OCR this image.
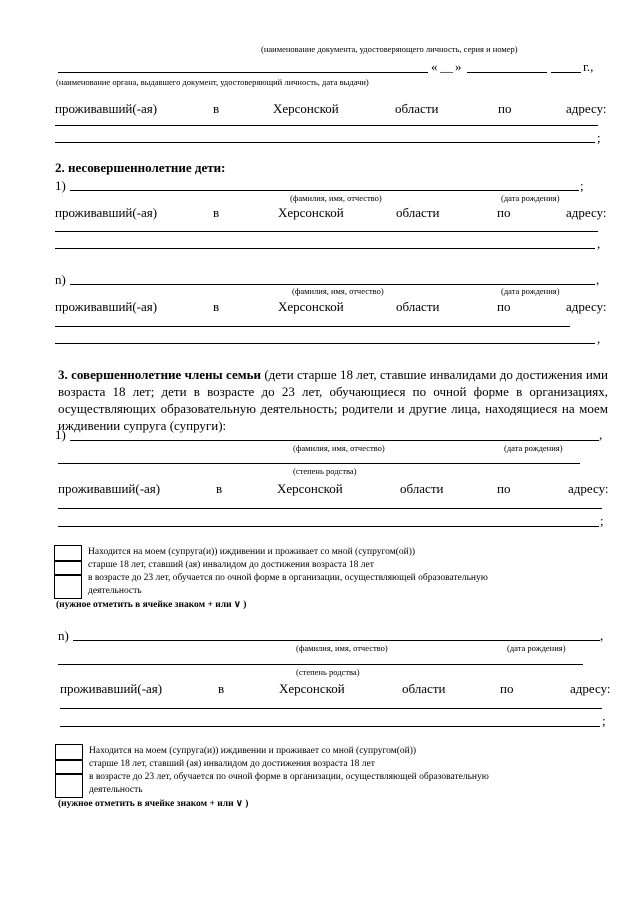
(наименование документа, удостоверяющего личность, серия и номер)
« __ »	г.,
(наименование органа, выдавшего документ, удостоверяющий личность, дата выдачи)
проживавший(-ая)	в	Херсонской	области	по	адресу:
;
2. несовершеннолетние дети:
1)	;
(фамилия, имя, отчество)	(дата рождения)
проживавший(-ая)	в	Херсонской	области	по	адресу:
,
n)	,
(фамилия, имя, отчество)	(дата рождения)
проживавший(-ая)	в	Херсонской	области	по	адресу:
,
3. совершеннолетние члены семьи (дети старше 18 лет, ставшие инвалидами до достижения ими возраста 18 лет; дети в возрасте до 23 лет, обучающиеся по очной форме в организациях, осуществляющих образовательную деятельность; родители и другие лица, находящиеся на моем иждивении супруга (супруги):
1)	,
(фамилия, имя, отчество)	(дата рождения)
(степень родства)
проживавший(-ая)	в	Херсонской	области	по	адресу:
;
Находится на моем (супруга(и)) иждивении и проживает со мной (супругом(ой))
старше 18 лет, ставший (ая) инвалидом до достижения возраста 18 лет
в возрасте до 23 лет, обучается по очной форме в организации, осуществляющей образовательную
деятельность
(нужное отметить в ячейке знаком + или ∨ )
n)	,
(фамилия, имя, отчество)	(дата рождения)
(степень родства)
проживавший(-ая)	в	Херсонской	области	по	адресу:
;
Находится на моем (супруга(и)) иждивении и проживает со мной (супругом(ой))
старше 18 лет, ставший (ая) инвалидом до достижения возраста 18 лет
в возрасте до 23 лет, обучается по очной форме в организации, осуществляющей образовательную
деятельность
(нужное отметить в ячейке знаком + или ∨ )
